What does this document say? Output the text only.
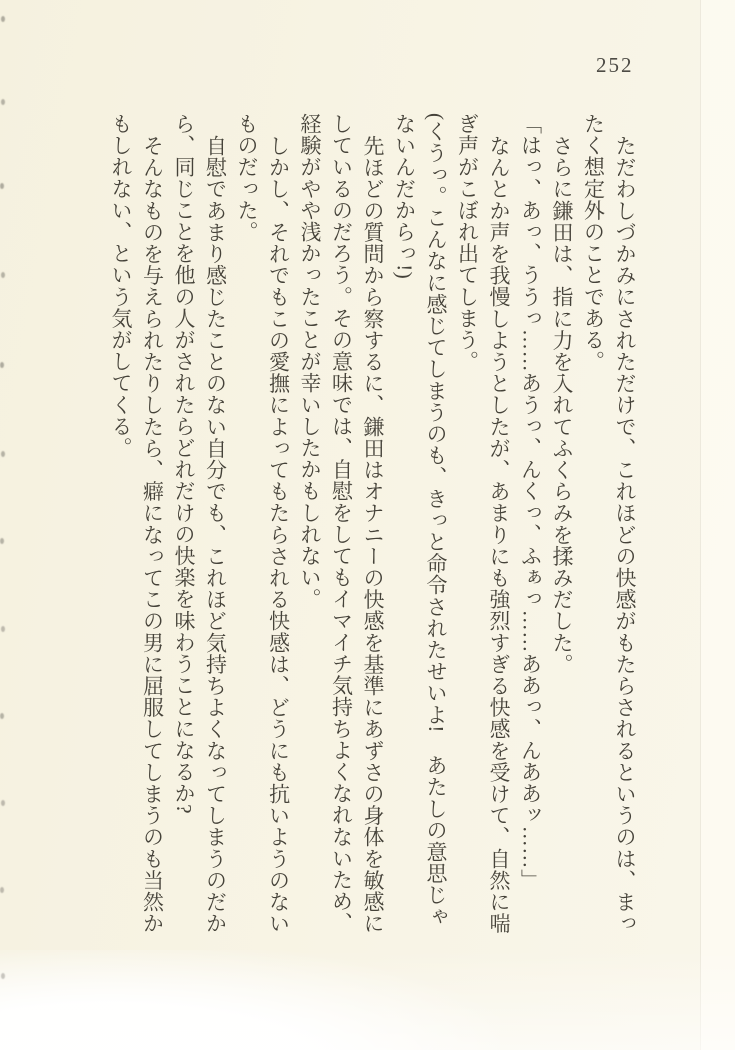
252

ただわしづかみにされただけで、これほどの快感がもたらされるというのは、まったく想定外のことである。

さらに鎌田は、指に力を入れてふくらみを揉みだした。

「はっ、あっ、ううっ……あうっ、んくっ、ふぁっ……ああっ、んああッ……」

なんとか声を我慢しようとしたが、あまりにも強烈すぎる快感を受けて、自然に喘ぎ声がこぼれ出てしまう。

(くうっ。こんなに感じてしまうのも、きっと命令されたせいよ!　あたしの意思じゃないんだからっ!)

先ほどの質問から察するに、鎌田はオナニーの快感を基準にあずさの身体を敏感にしているのだろう。その意味では、自慰をしてもイマイチ気持ちよくなれないため、経験がやや浅かったことが幸いしたかもしれない。

しかし、それでもこの愛撫によってもたらされる快感は、どうにも抗いようのないものだった。

自慰であまり感じたことのない自分でも、これほど気持ちよくなってしまうのだから、同じことを他の人がされたらどれだけの快楽を味わうことになるか?

そんなものを与えられたりしたら、癖になってこの男に屈服してしまうのも当然かもしれない、という気がしてくる。
